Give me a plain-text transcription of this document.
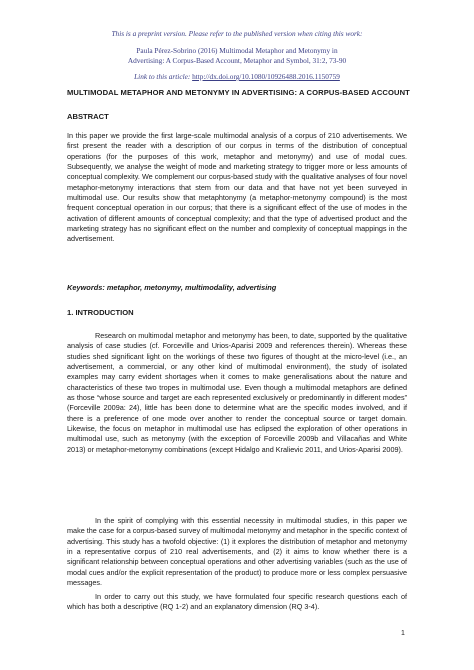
This is a preprint version. Please refer to the published version when citing this work:
Paula Pérez-Sobrino (2016) Multimodal Metaphor and Metonymy in
Advertising: A Corpus-Based Account, Metaphor and Symbol, 31:2, 73-90
Link to this article: http://dx.doi.org/10.1080/10926488.2016.1150759
MULTIMODAL METAPHOR AND METONYMY IN ADVERTISING: A CORPUS-BASED ACCOUNT
ABSTRACT

In this paper we provide the first large-scale multimodal analysis of a corpus of 210 advertisements. We first present the reader with a description of our corpus in terms of the distribution of conceptual operations (for the purposes of this work, metaphor and metonymy) and use of modal cues. Subsequently, we analyse the weight of mode and marketing strategy to trigger more or less amounts of conceptual complexity. We complement our corpus-based study with the qualitative analyses of four novel metaphor-metonymy interactions that stem from our data and that have not yet been surveyed in multimodal use. Our results show that metaphtonymy (a metaphor-metonymy compound) is the most frequent conceptual operation in our corpus; that there is a significant effect of the use of modes in the activation of different amounts of conceptual complexity; and that the type of advertised product and the marketing strategy has no significant effect on the number and complexity of conceptual mappings in the advertisement.

Keywords: metaphor, metonymy, multimodality, advertising
1. INTRODUCTION

Research on multimodal metaphor and metonymy has been, to date, supported by the qualitative analysis of case studies (cf. Forceville and Urios-Aparisi 2009 and references therein). Whereas these studies shed significant light on the workings of these two figures of thought at the micro-level (i.e., an advertisement, a commercial, or any other kind of multimodal environment), the study of isolated examples may carry evident shortages when it comes to make generalisations about the nature and characteristics of these two tropes in multimodal use. Even though a multimodal metaphors are defined as those “whose source and target are each represented exclusively or predominantly in different modes” (Forceville 2009a: 24), little has been done to determine what are the specific modes involved, and if there is a preference of one mode over another to render the conceptual source or target domain. Likewise, the focus on metaphor in multimodal use has eclipsed the exploration of other operations in multimodal use, such as metonymy (with the exception of Forceville 2009b and Villacañas and White 2013) or metaphor-metonymy combinations (except Hidalgo and Kralievic 2011, and Urios-Aparisi 2009).

In the spirit of complying with this essential necessity in multimodal studies, in this paper we make the case for a corpus-based survey of multimodal metonymy and metaphor in the specific context of advertising. This study has a twofold objective: (1) it explores the distribution of metaphor and metonymy in a representative corpus of 210 real advertisements, and (2) it aims to know whether there is a significant relationship between conceptual operations and other advertising variables (such as the use of modal cues and/or the explicit representation of the product) to produce more or less complex persuasive messages.

In order to carry out this study, we have formulated four specific research questions each of which has both a descriptive (RQ 1-2) and an explanatory dimension (RQ 3-4).

1
